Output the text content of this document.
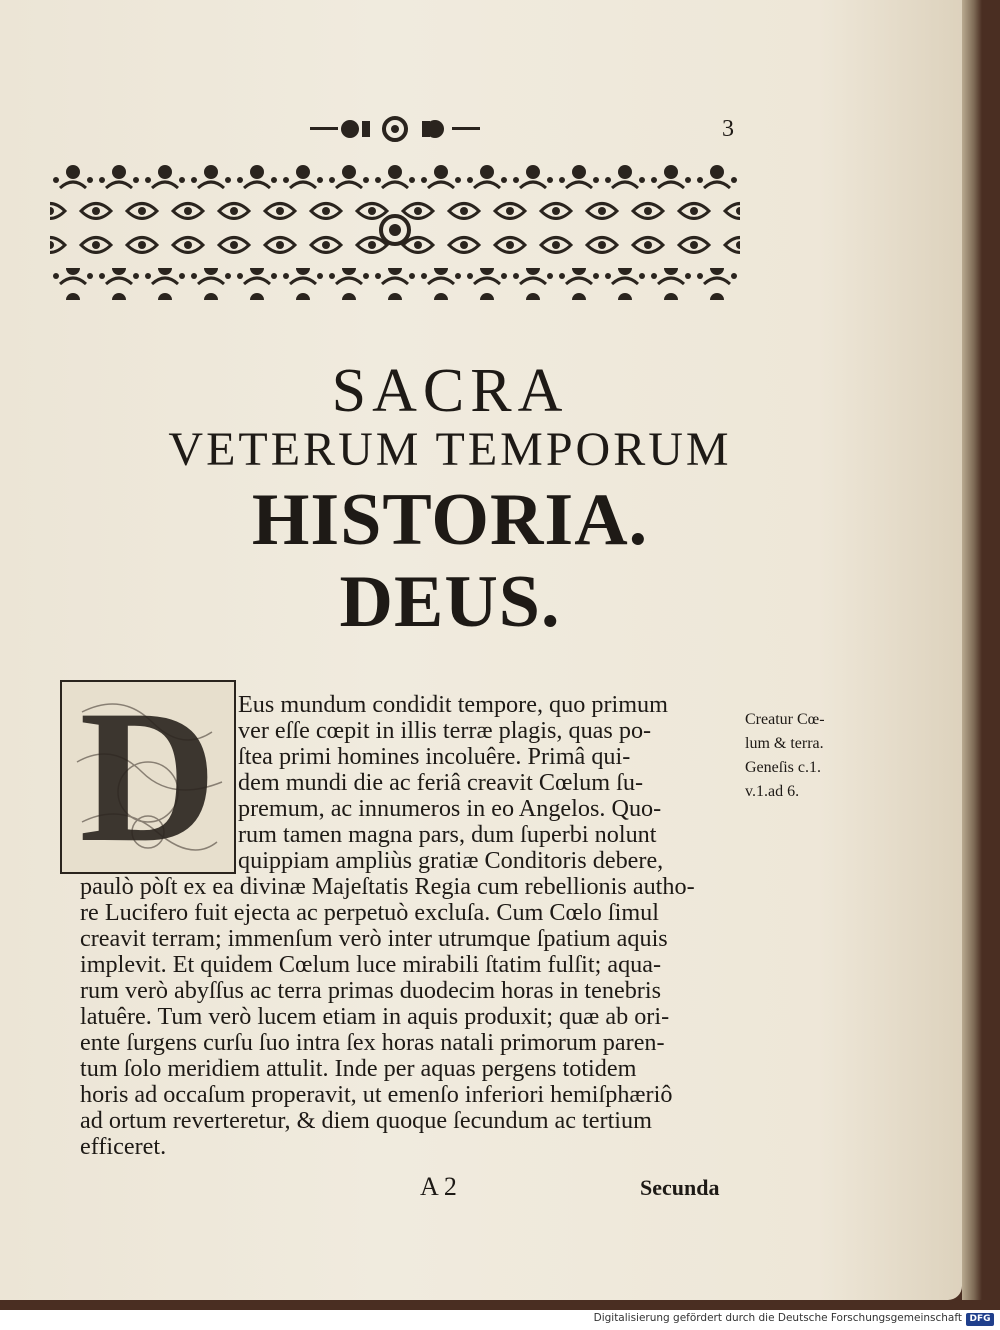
3
SACRA
VETERUM TEMPORUM
HISTORIA.
DEUS.
D Eus mundum condidit tempore, quo primum
ver eſſe cœpit in illis terræ plagis, quas po-
ſtea primi homines incoluêre. Primâ qui-
dem mundi die ac feriâ creavit Cœlum ſu-
premum, ac innumeros in eo Angelos. Quo-
rum tamen magna pars, dum ſuperbi nolunt
quippiam ampliùs gratiæ Conditoris debere,
paulò pòſt ex ea divinæ Majeſtatis Regia cum rebellionis autho-
re Lucifero fuit ejecta ac perpetuò excluſa. Cum Cœlo ſimul
creavit terram; immenſum verò inter utrumque ſpatium aquis
implevit. Et quidem Cœlum luce mirabili ſtatim fulſit; aqua-
rum verò abyſſus ac terra primas duodecim horas in tenebris
latuêre. Tum verò lucem etiam in aquis produxit; quæ ab ori-
ente ſurgens curſu ſuo intra ſex horas natali primorum paren-
tum ſolo meridiem attulit. Inde per aquas pergens totidem
horis ad occaſum properavit, ut emenſo inferiori hemiſphæriô
ad ortum reverteretur, & diem quoque ſecundum ac tertium
efficeret.
Creatur Cœ-
lum & terra.
Geneſis c.1.
v.1.ad 6.
A 2	Secunda
Digitalisierung gefördert durch die Deutsche Forschungsgemeinschaft DFG
